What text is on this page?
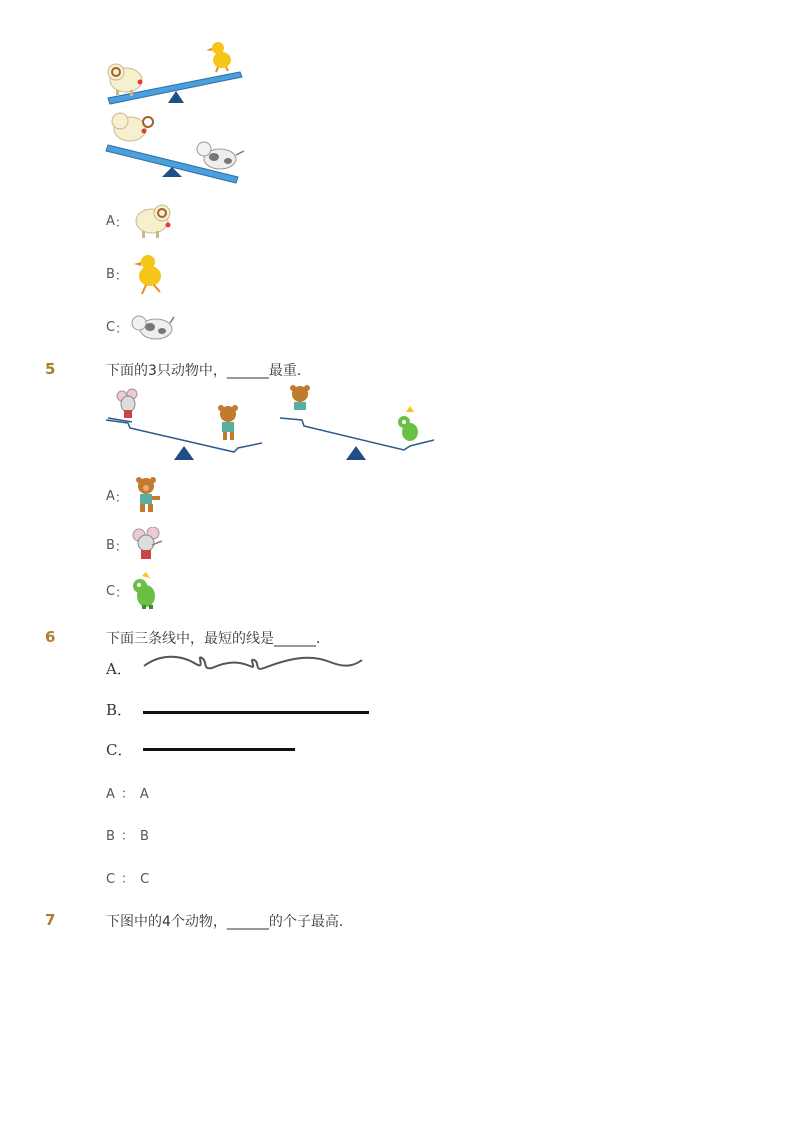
A ：
B ：
C ：
5	下面的3只动物中，______最重．
A ：
B ：
C ：
6	下面三条线中，最短的线是______．
A．
B．
C．
A ： A
B ： B
C ： C
7	下图中的4个动物，______的个子最高．
